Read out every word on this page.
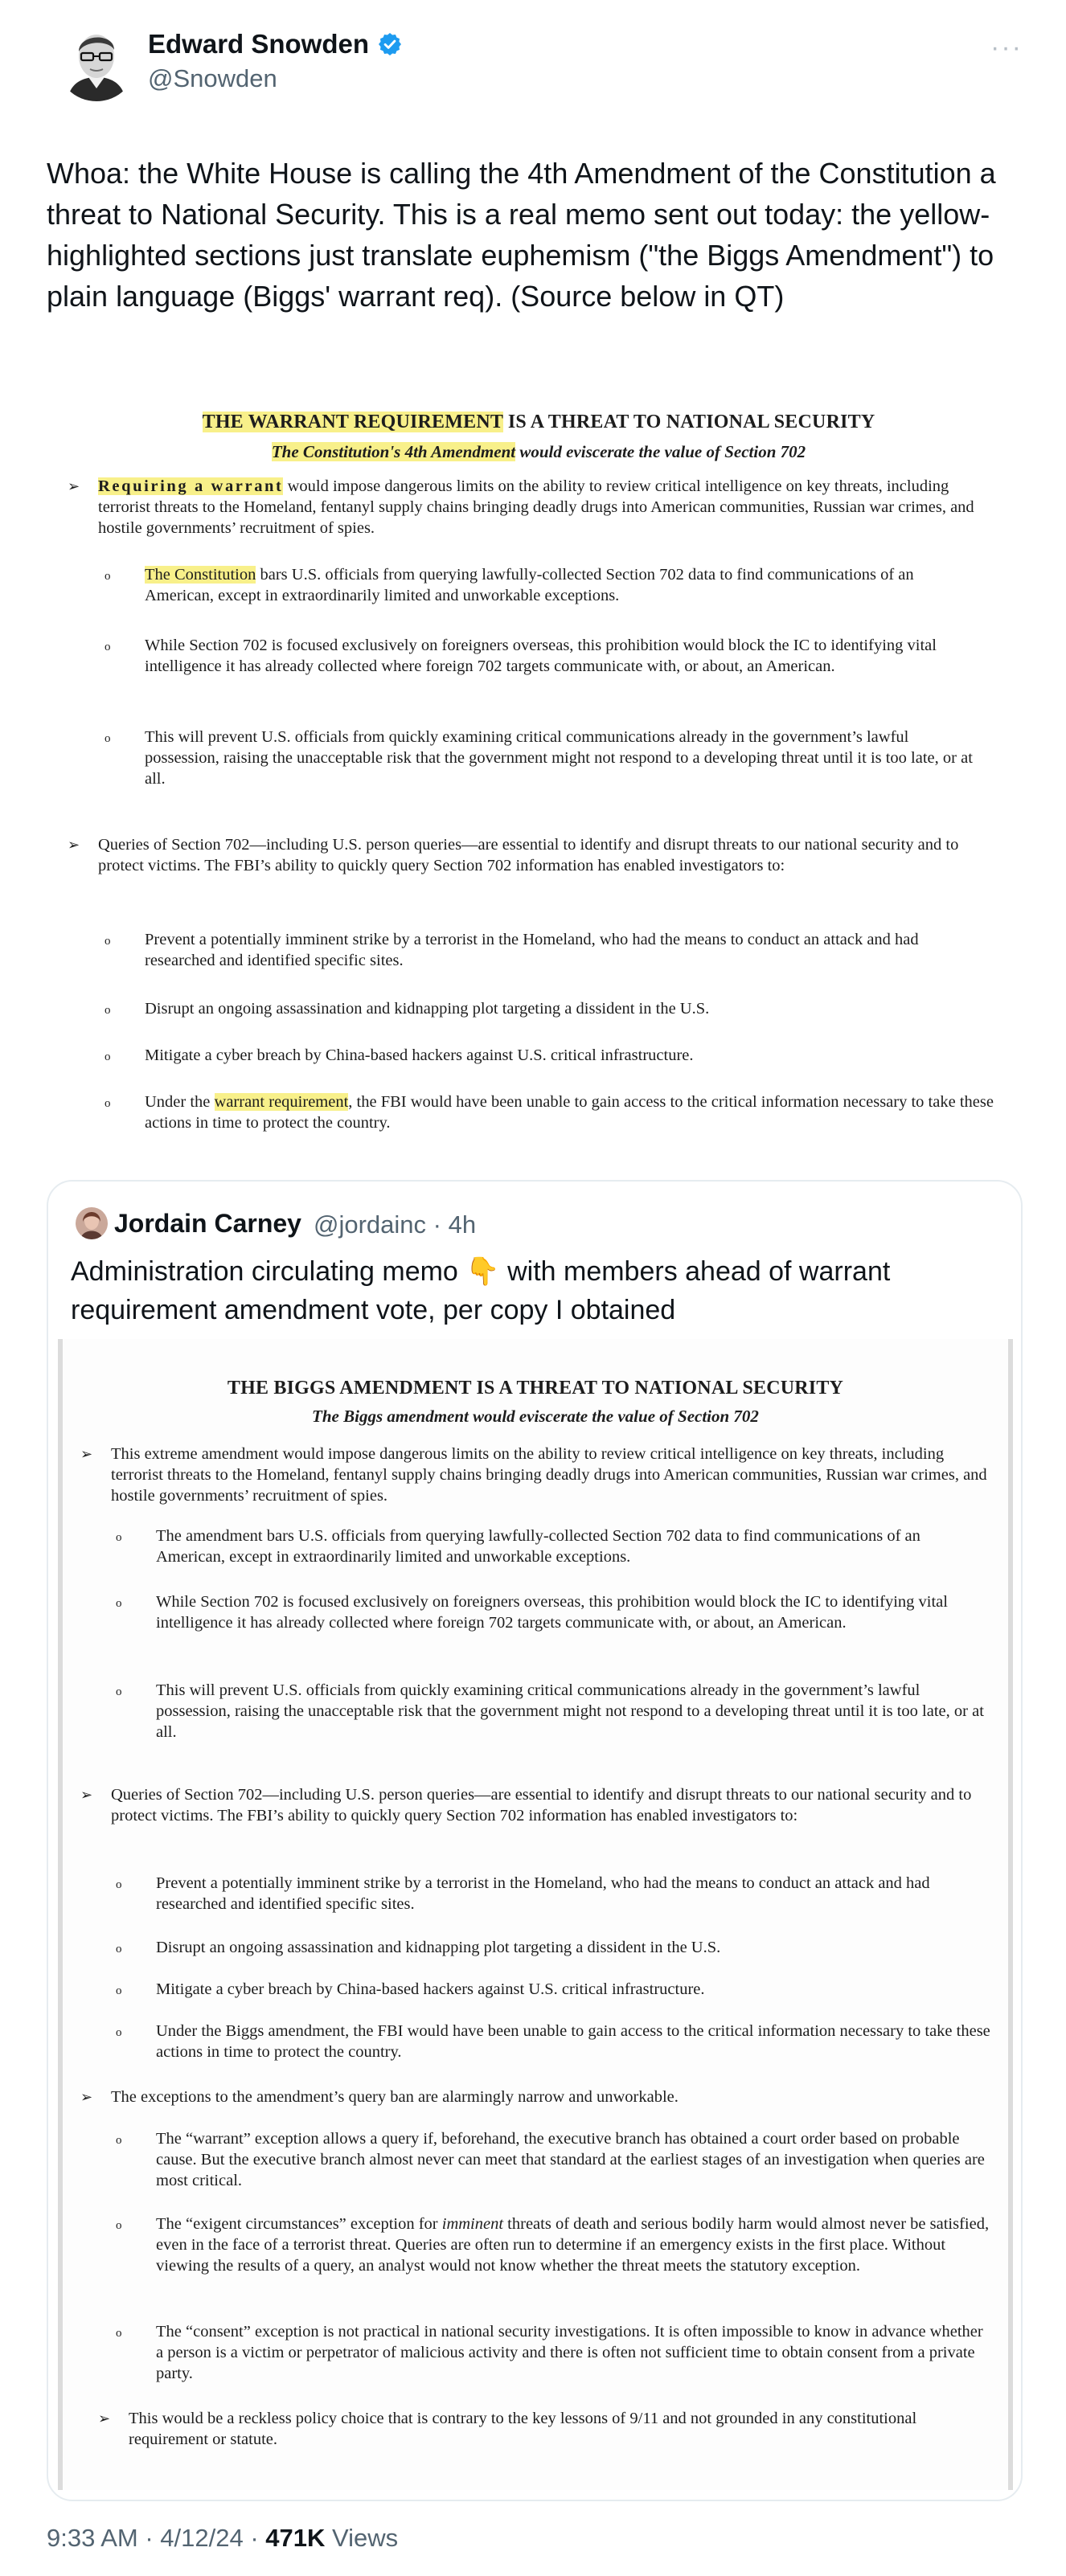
Edward Snowden
@Snowden
···
Whoa: the White House is calling the 4th Amendment of the Constitution a threat to National Security. This is a real memo sent out today: the yellow-highlighted sections just translate euphemism ("the Biggs Amendment") to plain language (Biggs' warrant req). (Source below in QT)
THE WARRANT REQUIREMENT IS A THREAT TO NATIONAL SECURITY
The Constitution's 4th Amendment would eviscerate the value of Section 702
➢ Requiring a warrant would impose dangerous limits on the ability to review critical intelligence on key threats, including terrorist threats to the Homeland, fentanyl supply chains bringing deadly drugs into American communities, Russian war crimes, and hostile governments’ recruitment of spies.
o The Constitution bars U.S. officials from querying lawfully-collected Section 702 data to find communications of an American, except in extraordinarily limited and unworkable exceptions.
o While Section 702 is focused exclusively on foreigners overseas, this prohibition would block the IC to identifying vital intelligence it has already collected where foreign 702 targets communicate with, or about, an American.
o This will prevent U.S. officials from quickly examining critical communications already in the government’s lawful possession, raising the unacceptable risk that the government might not respond to a developing threat until it is too late, or at all.
➢ Queries of Section 702—including U.S. person queries—are essential to identify and disrupt threats to our national security and to protect victims. The FBI’s ability to quickly query Section 702 information has enabled investigators to:
o Prevent a potentially imminent strike by a terrorist in the Homeland, who had the means to conduct an attack and had researched and identified specific sites.
o Disrupt an ongoing assassination and kidnapping plot targeting a dissident in the U.S.
o Mitigate a cyber breach by China-based hackers against U.S. critical infrastructure.
o Under the warrant requirement, the FBI would have been unable to gain access to the critical information necessary to take these actions in time to protect the country.
Jordain Carney @jordainc · 4h
Administration circulating memo 👇 with members ahead of warrant requirement amendment vote, per copy I obtained
THE BIGGS AMENDMENT IS A THREAT TO NATIONAL SECURITY
The Biggs amendment would eviscerate the value of Section 702
➢ This extreme amendment would impose dangerous limits on the ability to review critical intelligence on key threats, including terrorist threats to the Homeland, fentanyl supply chains bringing deadly drugs into American communities, Russian war crimes, and hostile governments’ recruitment of spies.
o The amendment bars U.S. officials from querying lawfully-collected Section 702 data to find communications of an American, except in extraordinarily limited and unworkable exceptions.
o While Section 702 is focused exclusively on foreigners overseas, this prohibition would block the IC to identifying vital intelligence it has already collected where foreign 702 targets communicate with, or about, an American.
o This will prevent U.S. officials from quickly examining critical communications already in the government’s lawful possession, raising the unacceptable risk that the government might not respond to a developing threat until it is too late, or at all.
➢ Queries of Section 702—including U.S. person queries—are essential to identify and disrupt threats to our national security and to protect victims. The FBI’s ability to quickly query Section 702 information has enabled investigators to:
o Prevent a potentially imminent strike by a terrorist in the Homeland, who had the means to conduct an attack and had researched and identified specific sites.
o Disrupt an ongoing assassination and kidnapping plot targeting a dissident in the U.S.
o Mitigate a cyber breach by China-based hackers against U.S. critical infrastructure.
o Under the Biggs amendment, the FBI would have been unable to gain access to the critical information necessary to take these actions in time to protect the country.
➢ The exceptions to the amendment’s query ban are alarmingly narrow and unworkable.
o The “warrant” exception allows a query if, beforehand, the executive branch has obtained a court order based on probable cause. But the executive branch almost never can meet that standard at the earliest stages of an investigation when queries are most critical.
o The “exigent circumstances” exception for imminent threats of death and serious bodily harm would almost never be satisfied, even in the face of a terrorist threat. Queries are often run to determine if an emergency exists in the first place. Without viewing the results of a query, an analyst would not know whether the threat meets the statutory exception.
o The “consent” exception is not practical in national security investigations. It is often impossible to know in advance whether a person is a victim or perpetrator of malicious activity and there is often not sufficient time to obtain consent from a private party.
➢ This would be a reckless policy choice that is contrary to the key lessons of 9/11 and not grounded in any constitutional requirement or statute.
9:33 AM · 4/12/24 · 471K Views
